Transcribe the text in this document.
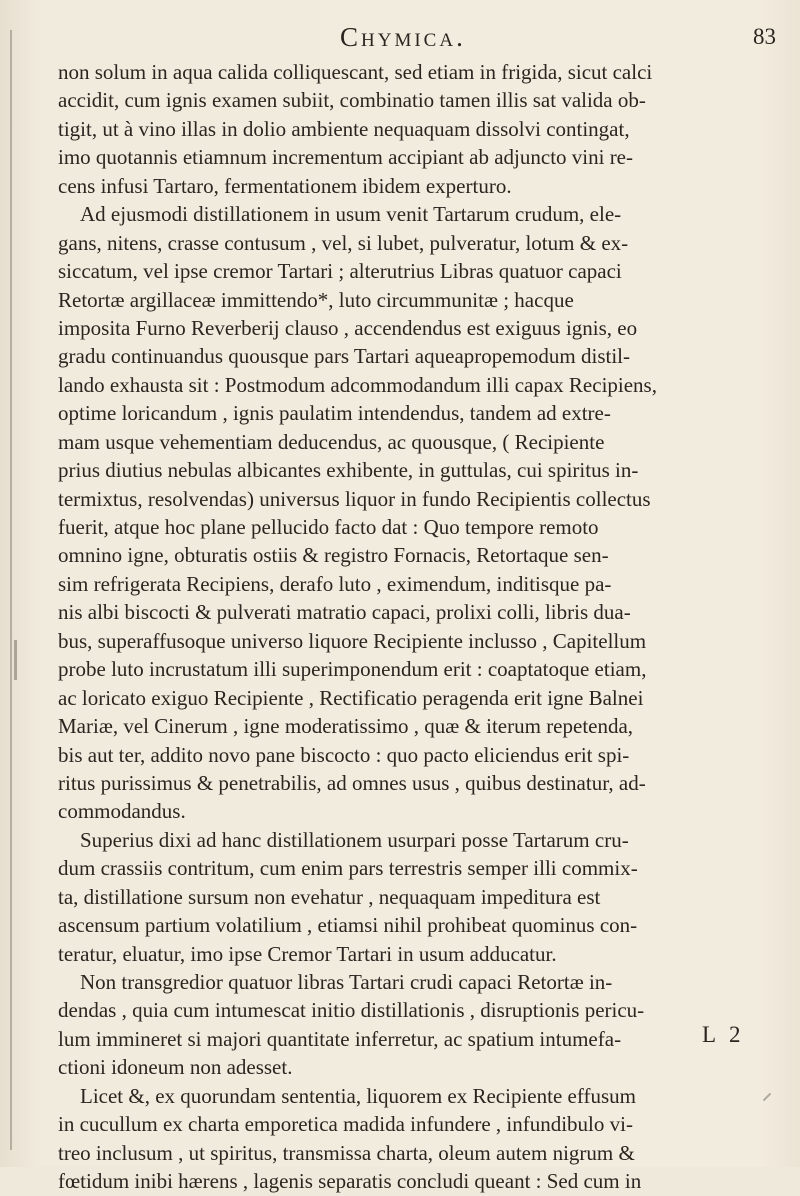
Chymica.	83
non solum in aqua calida colliquescant, sed etiam in frigida, sicut calci
accidit, cum ignis examen subiit, combinatio tamen illis sat valida ob-
tigit, ut à vino illas in dolio ambiente nequaquam dissolvi contingat,
imo quotannis etiamnum incrementum accipiant ab adjuncto vini re-
cens infusi Tartaro, fermentationem ibidem experturo.
Ad ejusmodi distillationem in usum venit Tartarum crudum, ele-
gans, nitens, crasse contusum , vel, si lubet, pulveratur, lotum & ex-
siccatum, vel ipse cremor Tartari ; alterutrius Libras quatuor capaci
Retortæ argillaceæ immittendo*, luto circummunitæ ; hacque
imposita Furno Reverberij clauso , accendendus est exiguus ignis, eo
gradu continuandus quousque pars Tartari aqueapropemodum distil-
lando exhausta sit : Postmodum adcommodandum illi capax Recipiens,
optime loricandum , ignis paulatim intendendus, tandem ad extre-
mam usque vehementiam deducendus, ac quousque, ( Recipiente
prius diutius nebulas albicantes exhibente, in guttulas, cui spiritus in-
termixtus, resolvendas) universus liquor in fundo Recipientis collectus
fuerit, atque hoc plane pellucido facto dat : Quo tempore remoto
omnino igne, obturatis ostiis & registro Fornacis, Retortaque sen-
sim refrigerata Recipiens, derafo luto , eximendum, inditisque pa-
nis albi biscocti & pulverati matratio capaci, prolixi colli, libris dua-
bus, superaffusoque universo liquore Recipiente inclusso , Capitellum
probe luto incrustatum illi superimponendum erit : coaptatoque etiam,
ac loricato exiguo Recipiente , Rectificatio peragenda erit igne Balnei
Mariæ, vel Cinerum , igne moderatissimo , quæ & iterum repetenda,
bis aut ter, addito novo pane biscocto : quo pacto eliciendus erit spi-
ritus purissimus & penetrabilis, ad omnes usus , quibus destinatur, ad-
commodandus.
Superius dixi ad hanc distillationem usurpari posse Tartarum cru-
dum crassiis contritum, cum enim pars terrestris semper illi commix-
ta, distillatione sursum non evehatur , nequaquam impeditura est
ascensum partium volatilium , etiamsi nihil prohibeat quominus con-
teratur, eluatur, imo ipse Cremor Tartari in usum adducatur.
Non transgredior quatuor libras Tartari crudi capaci Retortæ in-
dendas , quia cum intumescat initio distillationis , disruptionis pericu-
lum immineret si majori quantitate inferretur, ac spatium intumefa-
ctioni idoneum non adesset.
Licet &, ex quorundam sententia, liquorem ex Recipiente effusum
in cucullum ex charta emporetica madida infundere , infundibulo vi-
treo inclusum , ut spiritus, transmissa charta, oleum autem nigrum &
fœtidum inibi hærens , lagenis separatis concludi queant : Sed cum in
L 2
